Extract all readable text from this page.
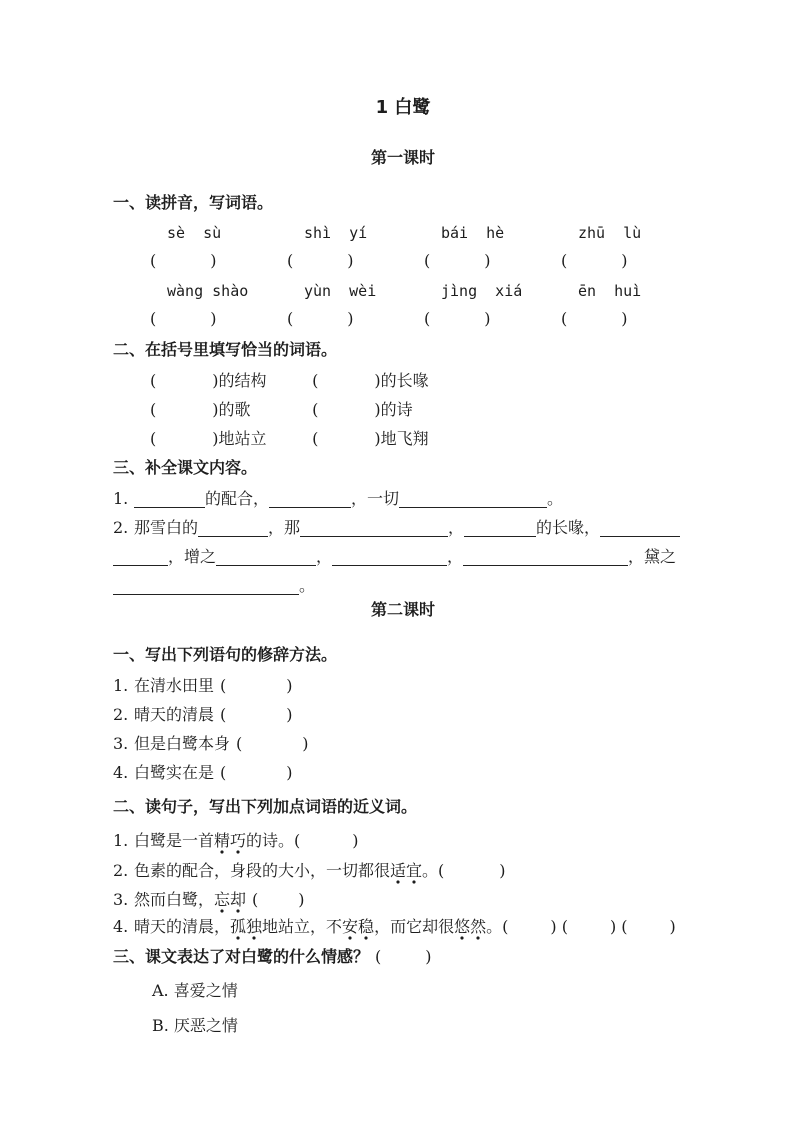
1 白鹭
第一课时
一、读拼音，写词语。
sè  sù	shì  yí	bái  hè	zhū  lù
(	)	(	)	(	)	(	)
wàng shào	yùn  wèi	jìng  xiá	ēn  huì
(	)	(	)	(	)	(	)
二、在括号里填写恰当的词语。
(	)的结构	(	)的长喙
(	)的歌	(	)的诗
(	)地站立	(	)地飞翔
三、补全课文内容。
1.	的配合，	，一切	。
2. 那雪白的	，那	，	的长喙，
，增之	，	，	，黛之
。
第二课时
一、写出下列语句的修辞方法。
1. 在清水田里 (	)
2. 晴天的清晨 (	)
3. 但是白鹭本身 (	)
4. 白鹭实在是 (	)
二、读句子，写出下列加点词语的近义词。
1. 白鹭是一首精巧的诗。(	)
2. 色素的配合，身段的大小，一切都很适宜。(	)
3. 然而白鹭，忘却 (	)
4. 晴天的清晨，孤独地站立，不安稳，而它却很悠然。(	) (	) (	)
三、课文表达了对白鹭的什么情感？ (	)
A. 喜爱之情
B. 厌恶之情
